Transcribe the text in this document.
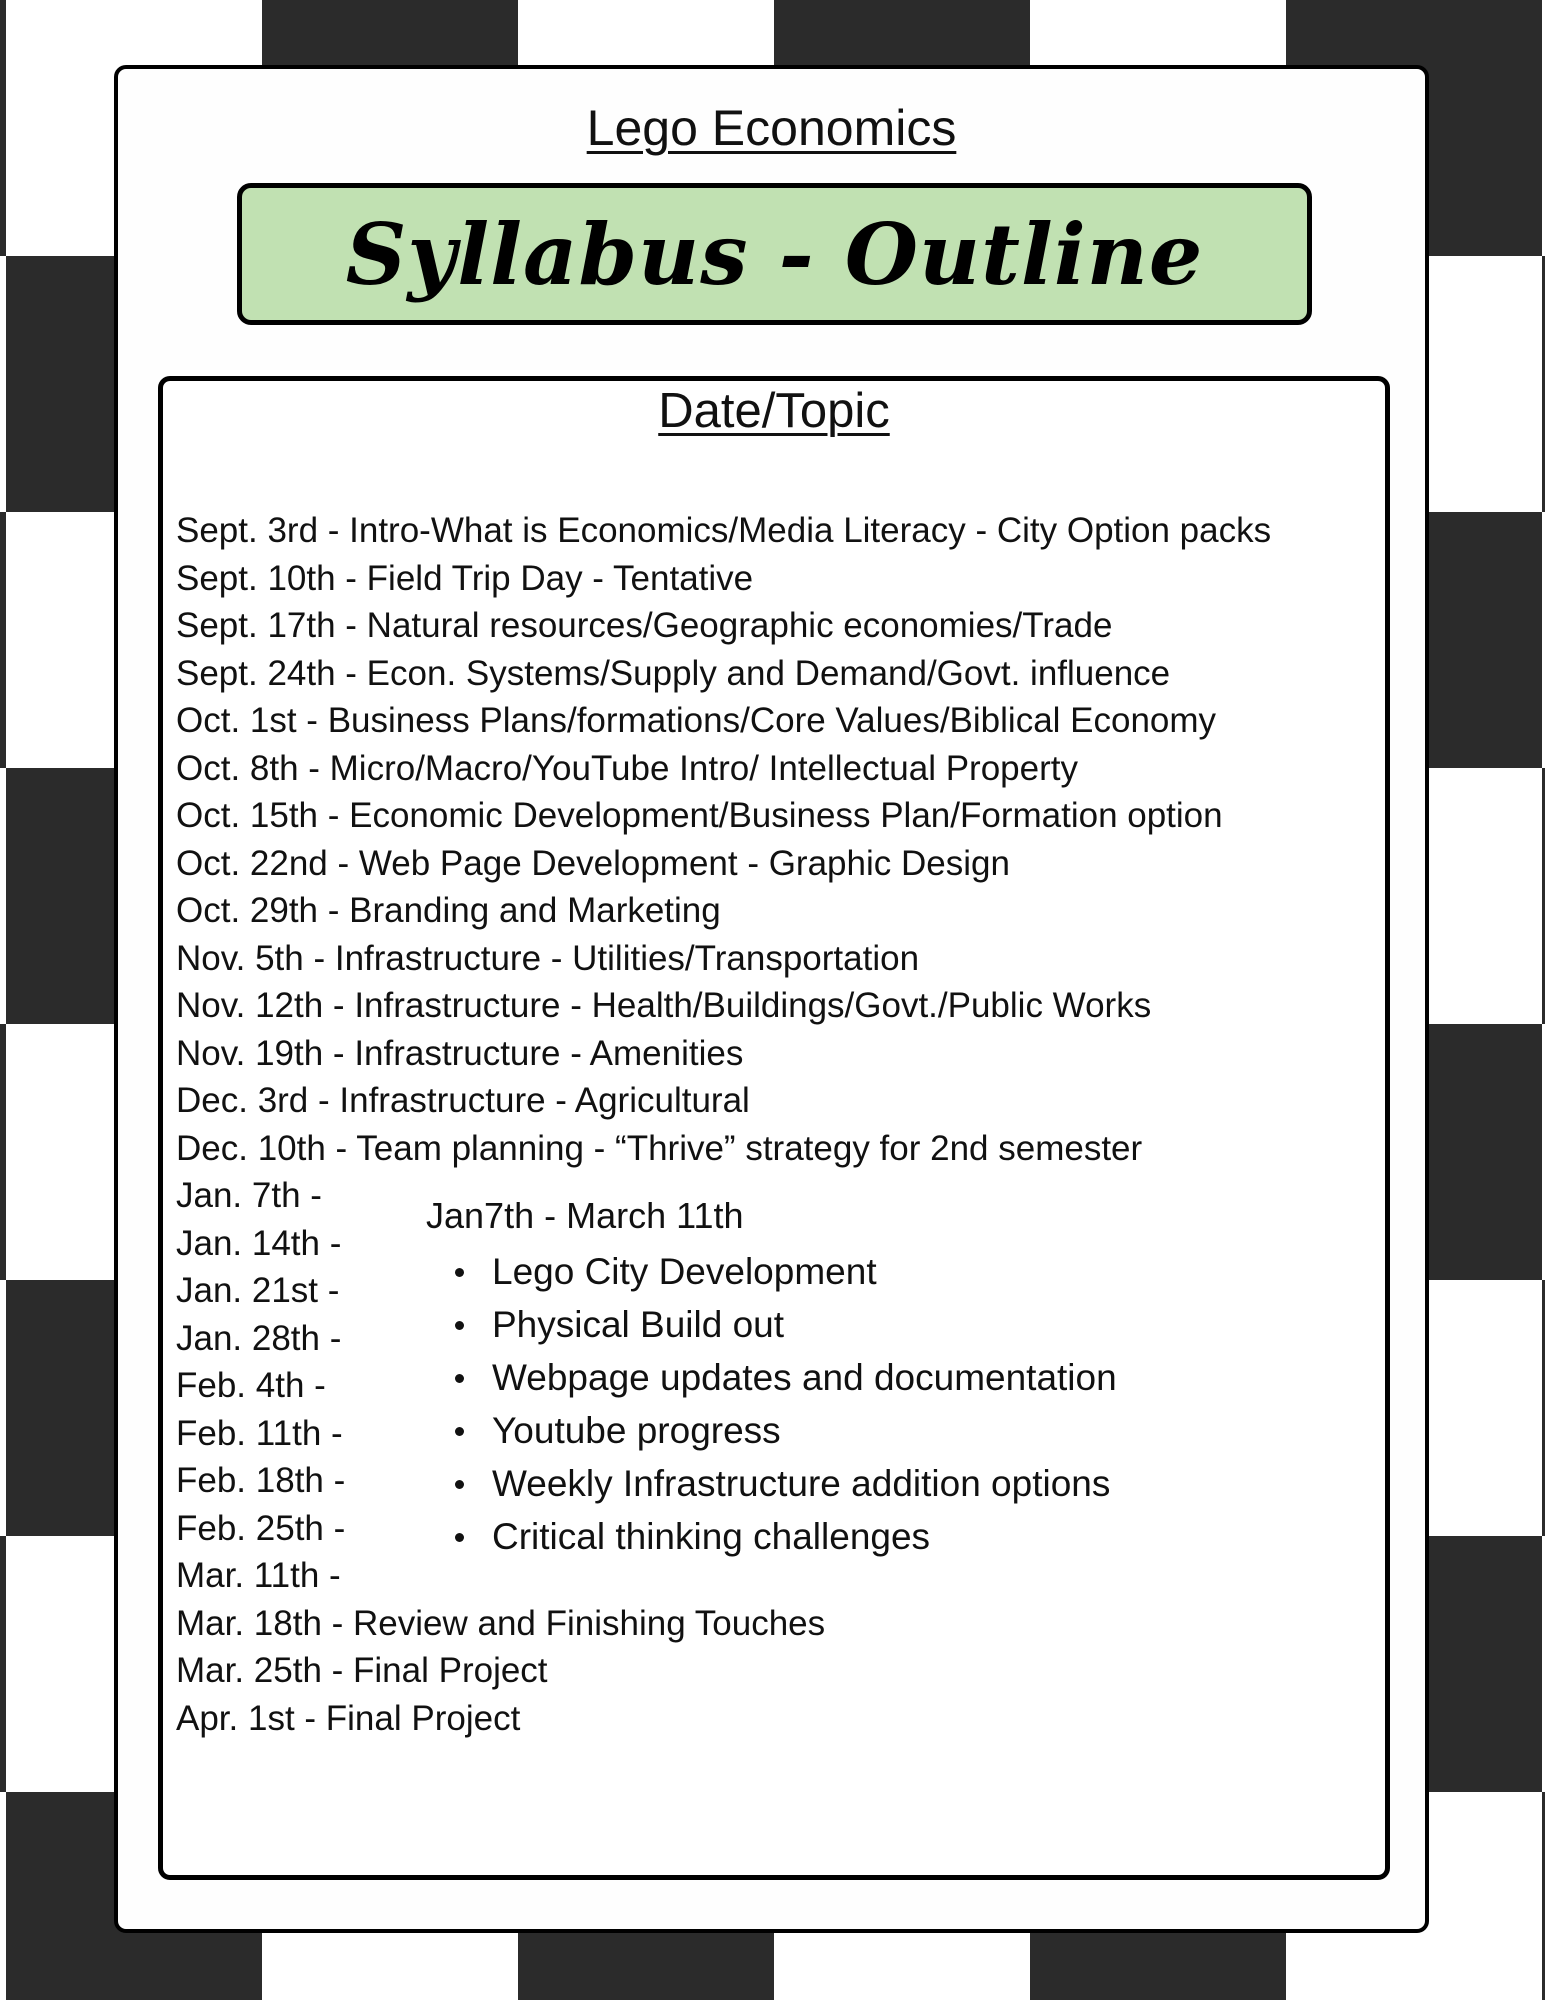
Lego Economics
Syllabus - Outline
Date/Topic
Sept. 3rd - Intro-What is Economics/Media Literacy - City Option packs
Sept. 10th - Field Trip Day - Tentative
Sept. 17th - Natural resources/Geographic economies/Trade
Sept. 24th - Econ. Systems/Supply and Demand/Govt. influence
Oct. 1st - Business Plans/formations/Core Values/Biblical Economy
Oct. 8th - Micro/Macro/YouTube Intro/ Intellectual Property
Oct. 15th - Economic Development/Business Plan/Formation option
Oct. 22nd - Web Page Development - Graphic Design
Oct. 29th - Branding and Marketing
Nov. 5th - Infrastructure - Utilities/Transportation
Nov. 12th - Infrastructure - Health/Buildings/Govt./Public Works
Nov. 19th - Infrastructure - Amenities
Dec. 3rd - Infrastructure - Agricultural
Dec. 10th - Team planning - “Thrive” strategy for 2nd semester
Jan. 7th -
Jan. 14th -
Jan. 21st -
Jan. 28th -
Feb. 4th -
Feb. 11th -
Feb. 18th -
Feb. 25th -
Mar. 11th -
Mar. 18th - Review and Finishing Touches
Mar. 25th - Final Project
Apr. 1st - Final Project
Jan7th - March 11th
Lego City Development
Physical Build out
Webpage updates and documentation
Youtube progress
Weekly Infrastructure addition options
Critical thinking challenges
